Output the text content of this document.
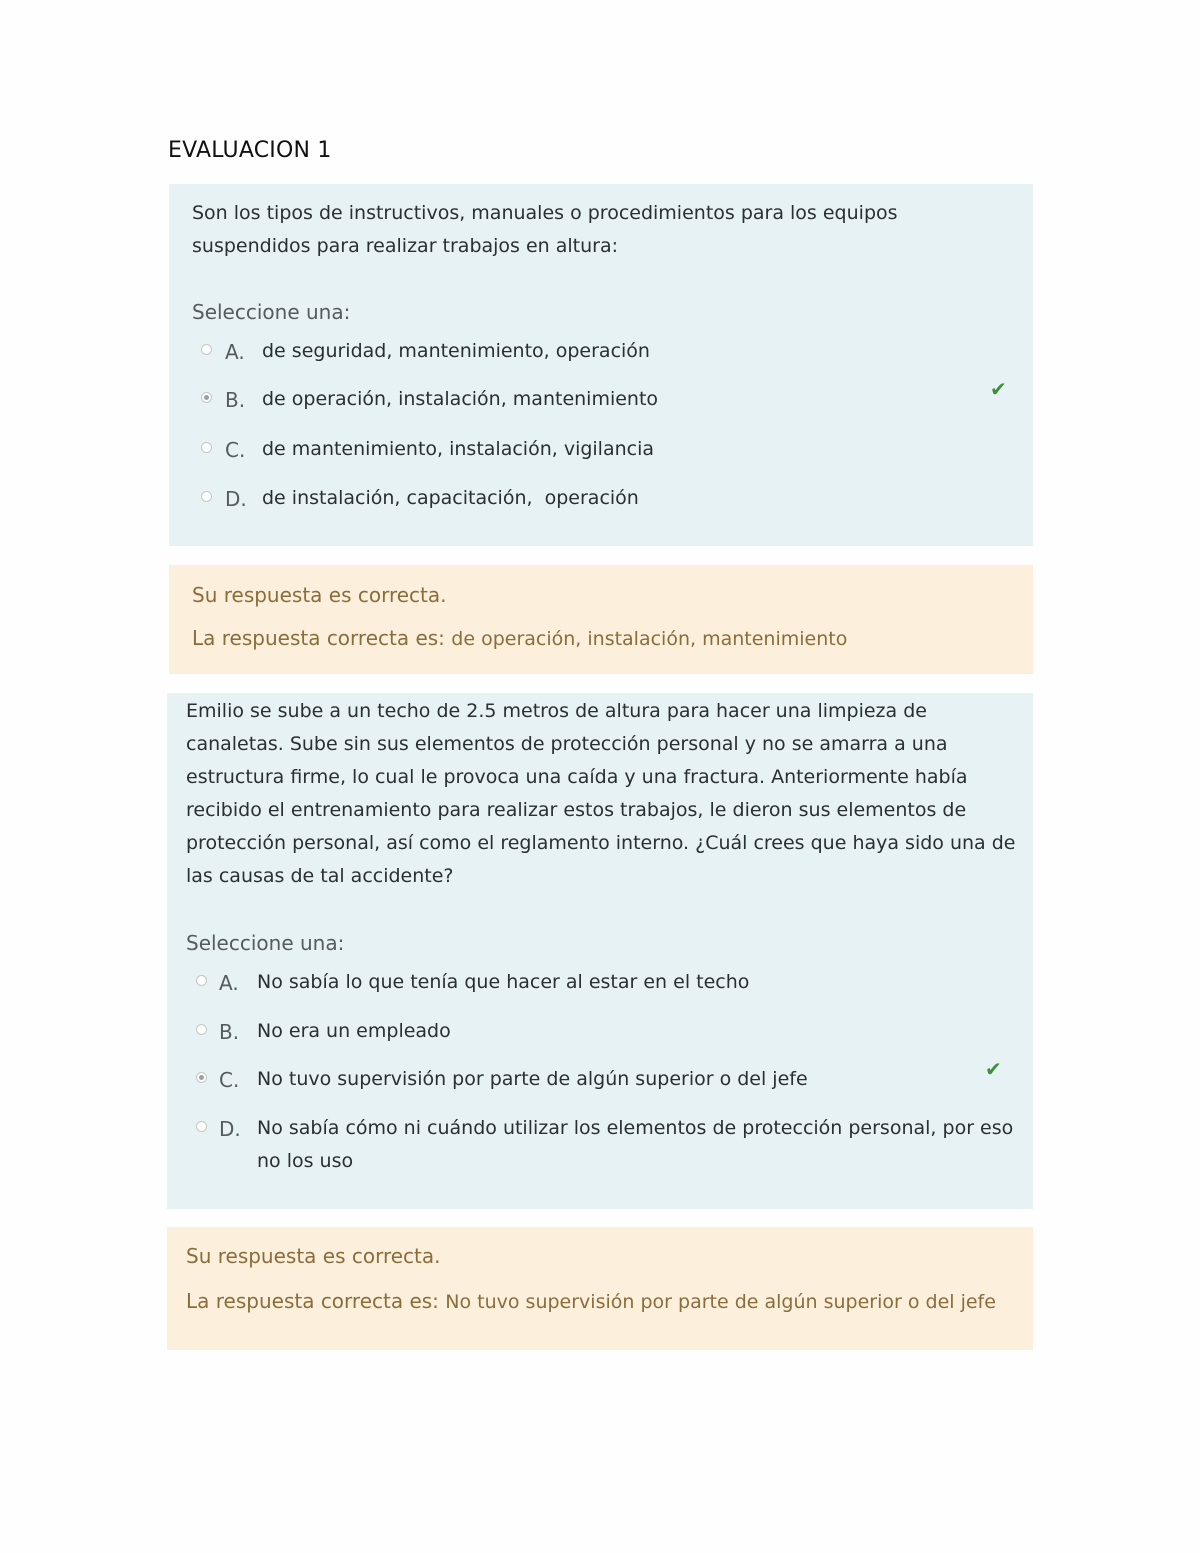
EVALUACION 1

Son los tipos de instructivos, manuales o procedimientos para los equipos suspendidos para realizar trabajos en altura:

Seleccione una:

A. de seguridad, mantenimiento, operación
B. de operación, instalación, mantenimiento	✔
C. de mantenimiento, instalación, vigilancia
D. de instalación, capacitación,  operación

Su respuesta es correcta.

La respuesta correcta es: de operación, instalación, mantenimiento

Emilio se sube a un techo de 2.5 metros de altura para hacer una limpieza de canaletas. Sube sin sus elementos de protección personal y no se amarra a una estructura firme, lo cual le provoca una caída y una fractura. Anteriormente había recibido el entrenamiento para realizar estos trabajos, le dieron sus elementos de protección personal, así como el reglamento interno. ¿Cuál crees que haya sido una de las causas de tal accidente?

Seleccione una:

A. No sabía lo que tenía que hacer al estar en el techo
B. No era un empleado
C. No tuvo supervisión por parte de algún superior o del jefe	✔
D. No sabía cómo ni cuándo utilizar los elementos de protección personal, por eso no los uso

Su respuesta es correcta.

La respuesta correcta es: No tuvo supervisión por parte de algún superior o del jefe
